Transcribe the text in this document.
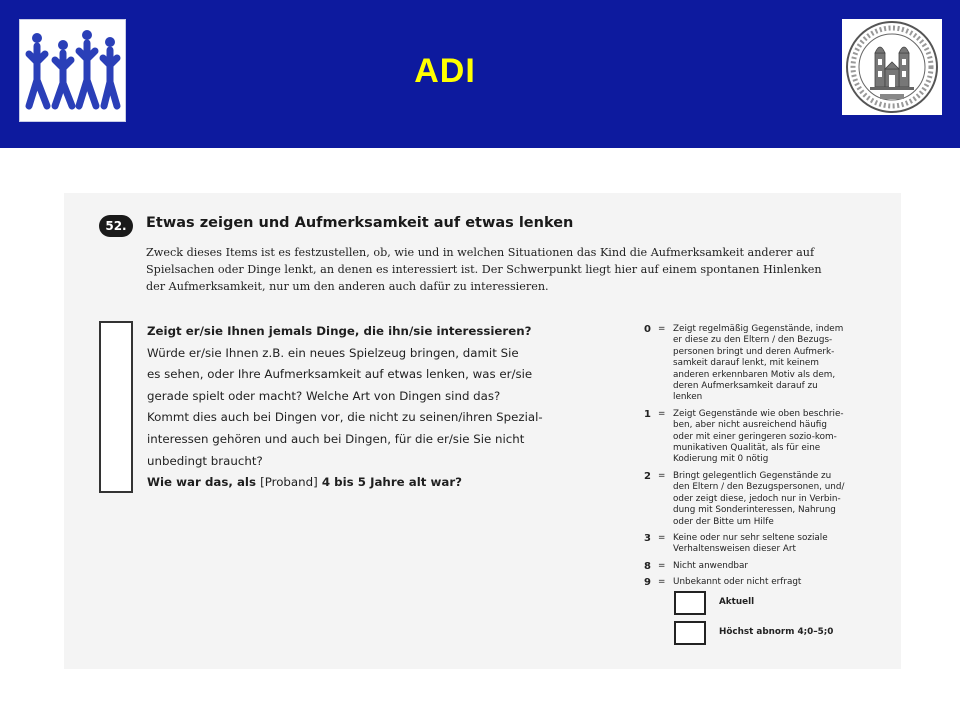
ADI
52.	Etwas zeigen und Aufmerksamkeit auf etwas lenken
Zweck dieses Items ist es festzustellen, ob, wie und in welchen Situationen das Kind die Aufmerksamkeit anderer auf
Spielsachen oder Dinge lenkt, an denen es interessiert ist. Der Schwerpunkt liegt hier auf einem spontanen Hinlenken
der Aufmerksamkeit, nur um den anderen auch dafür zu interessieren.
Zeigt er/sie Ihnen jemals Dinge, die ihn/sie interessieren?
Würde er/sie Ihnen z.B. ein neues Spielzeug bringen, damit Sie
es sehen, oder Ihre Aufmerksamkeit auf etwas lenken, was er/sie
gerade spielt oder macht? Welche Art von Dingen sind das?
Kommt dies auch bei Dingen vor, die nicht zu seinen/ihren Spezial-
interessen gehören und auch bei Dingen, für die er/sie Sie nicht
unbedingt braucht?
Wie war das, als [Proband] 4 bis 5 Jahre alt war?
0 = Zeigt regelmäßig Gegenstände, indem
er diese zu den Eltern / den Bezugs-
personen bringt und deren Aufmerk-
samkeit darauf lenkt, mit keinem
anderen erkennbaren Motiv als dem,
deren Aufmerksamkeit darauf zu
lenken
1 = Zeigt Gegenstände wie oben beschrie-
ben, aber nicht ausreichend häufig
oder mit einer geringeren sozio-kom-
munikativen Qualität, als für eine
Kodierung mit 0 nötig
2 = Bringt gelegentlich Gegenstände zu
den Eltern / den Bezugspersonen, und/
oder zeigt diese, jedoch nur in Verbin-
dung mit Sonderinteressen, Nahrung
oder der Bitte um Hilfe
3 = Keine oder nur sehr seltene soziale
Verhaltensweisen dieser Art
8 = Nicht anwendbar
9 = Unbekannt oder nicht erfragt
Aktuell
Höchst abnorm 4;0–5;0
